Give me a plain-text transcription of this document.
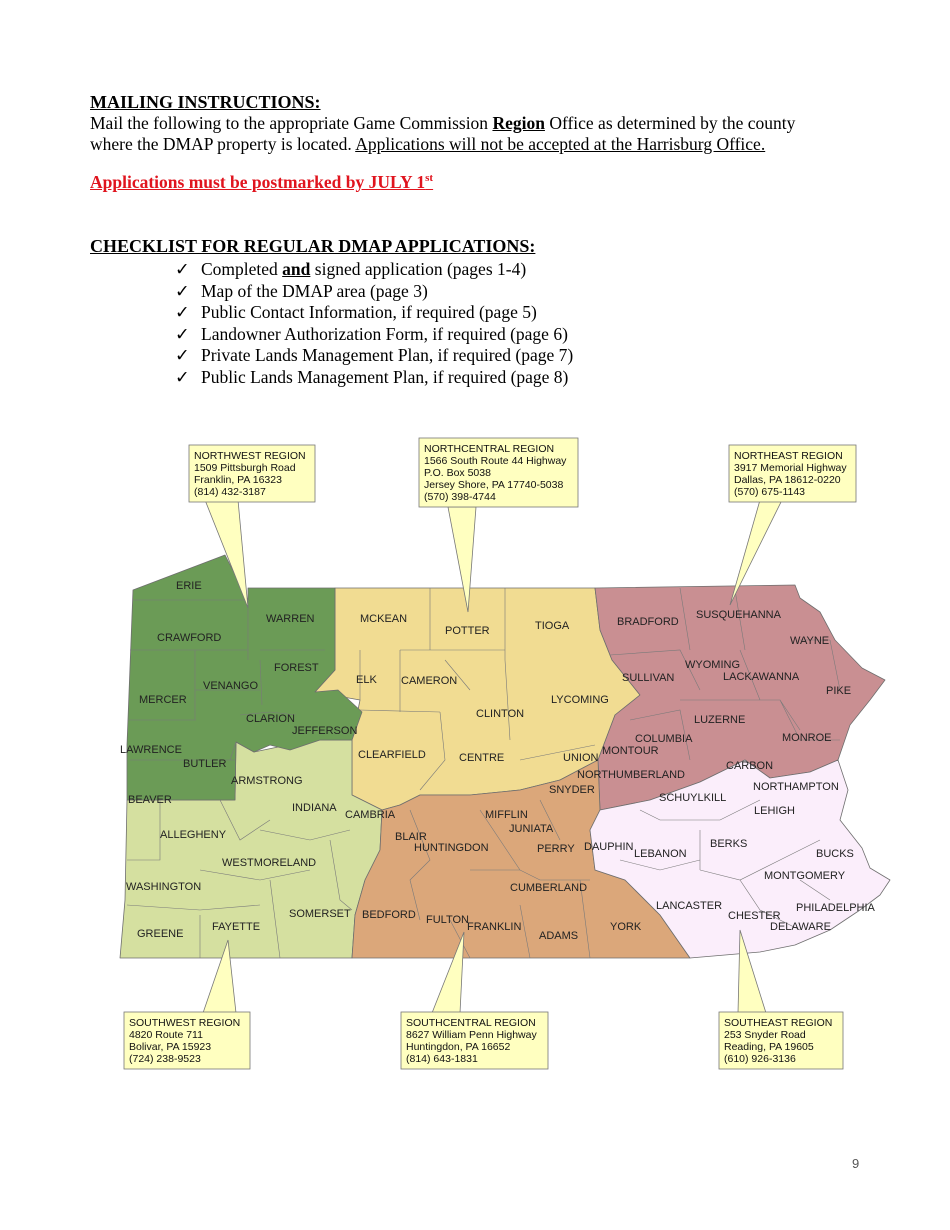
MAILING INSTRUCTIONS:
Mail the following to the appropriate Game Commission Region Office as determined by the county
where the DMAP property is located. Applications will not be accepted at the Harrisburg Office.
Applications must be postmarked by JULY 1st
CHECKLIST FOR REGULAR DMAP APPLICATIONS:
✓ Completed and signed application (pages 1-4)
✓ Map of the DMAP area (page 3)
✓ Public Contact Information, if required (page 5)
✓ Landowner Authorization Form, if required (page 6)
✓ Private Lands Management Plan, if required (page 7)
✓ Public Lands Management Plan, if required (page 8)
NORTHWEST REGION
1509 Pittsburgh Road
Franklin, PA 16323
(814) 432-3187
NORTHCENTRAL REGION
1566 South Route 44 Highway
P.O. Box 5038
Jersey Shore, PA 17740-5038
(570) 398-4744
NORTHEAST REGION
3917 Memorial Highway
Dallas, PA 18612-0220
(570) 675-1143
SOUTHWEST REGION
4820 Route 711
Bolivar, PA 15923
(724) 238-9523
SOUTHCENTRAL REGION
8627 William Penn Highway
Huntingdon, PA 16652
(814) 643-1831
SOUTHEAST REGION
253 Snyder Road
Reading, PA 19605
(610) 926-3136
ERIE
WARREN
CRAWFORD
FOREST
VENANGO
MERCER
CLARION
JEFFERSON
LAWRENCE
BUTLER
MCKEAN
POTTER	TIOGA
ELK CAMERON
CLINTON
LYCOMING
CLEARFIELD	CENTRE	UNION
BRADFORD
SUSQUEHANNA
WAYNE
SULLIVAN
WYOMING
LACKAWANNA
PIKE
LUZERNE
COLUMBIA
MONTOUR
MONROE
CARBON
ARMSTRONG
BEAVER
INDIANA
CAMBRIA
ALLEGHENY
WESTMORELAND
WASHINGTON
SOMERSET
FAYETTE
GREENE
SNYDER
MIFFLIN
JUNIATA
BLAIR
HUNTINGDON	PERRY
CUMBERLAND
BEDFORD FULTON
FRANKLIN
ADAMS
YORK
NORTHUMBERLAND
SCHUYLKILL
NORTHAMPTON
LEHIGH
DAUPHIN
LEBANON
BERKS
BUCKS
MONTGOMERY
LANCASTER
CHESTER
PHILADELPHIA
DELAWARE
9
